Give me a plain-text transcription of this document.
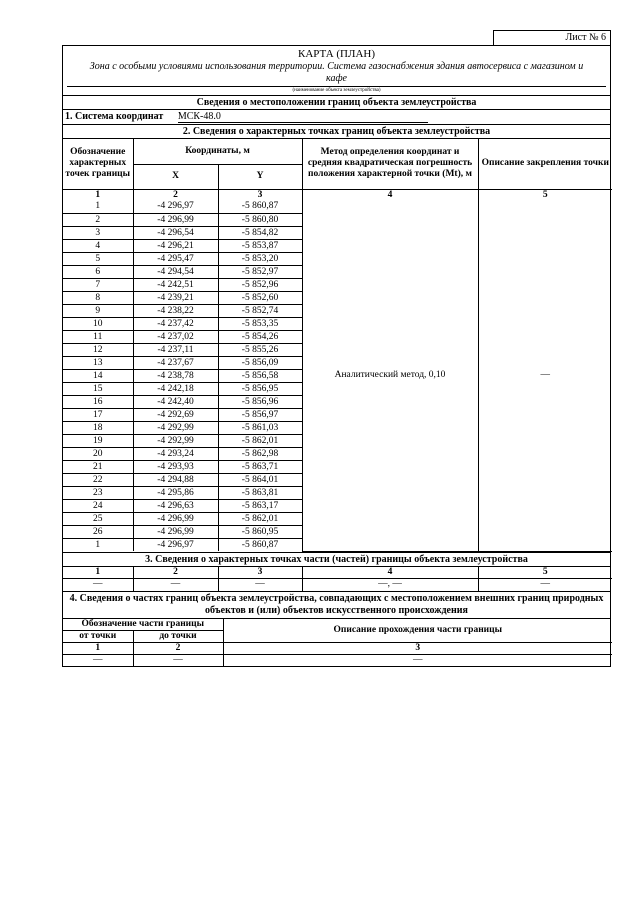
Лист № 6
КАРТА (ПЛАН)
Зона с особыми условиями использования территории. Система газоснабжения здания автосервиса с магазином и кафе
(наименование объекта землеустройства)
Сведения о местоположении границ объекта землеустройства
1. Система координат МСК-48.0
2. Сведения о характерных точках границ объекта землеустройства
Обозначение характерных точек границы	Координаты, м		Метод определения координат и средняя квадратическая погрешность положения характерной точки (Mt), м	Описание закрепления точки
	X	Y		
1	2	3	4	5
1	-4 296,97	-5 860,87	Аналитический метод, 0,10	—
2	-4 296,99	-5 860,80		
3	-4 296,54	-5 854,82		
4	-4 296,21	-5 853,87		
5	-4 295,47	-5 853,20		
6	-4 294,54	-5 852,97		
7	-4 242,51	-5 852,96		
8	-4 239,21	-5 852,60		
9	-4 238,22	-5 852,74		
10	-4 237,42	-5 853,35		
11	-4 237,02	-5 854,26		
12	-4 237,11	-5 855,26		
13	-4 237,67	-5 856,09		
14	-4 238,78	-5 856,58		
15	-4 242,18	-5 856,95		
16	-4 242,40	-5 856,96		
17	-4 292,69	-5 856,97		
18	-4 292,99	-5 861,03		
19	-4 292,99	-5 862,01		
20	-4 293,24	-5 862,98		
21	-4 293,93	-5 863,71		
22	-4 294,88	-5 864,01		
23	-4 295,86	-5 863,81		
24	-4 296,63	-5 863,17		
25	-4 296,99	-5 862,01		
26	-4 296,99	-5 860,95		
1	-4 296,97	-5 860,87		
3. Сведения о характерных точках части (частей) границы объекта землеустройства
1	2	3	4	5
—	—	—	—, —	—
4. Сведения о частях границ объекта землеустройства, совпадающих с местоположением внешних границ природных объектов и (или) объектов искусственного происхождения
Обозначение части границы		Описание прохождения части границы
от точки	до точки	
1	2	3
—	—	—
